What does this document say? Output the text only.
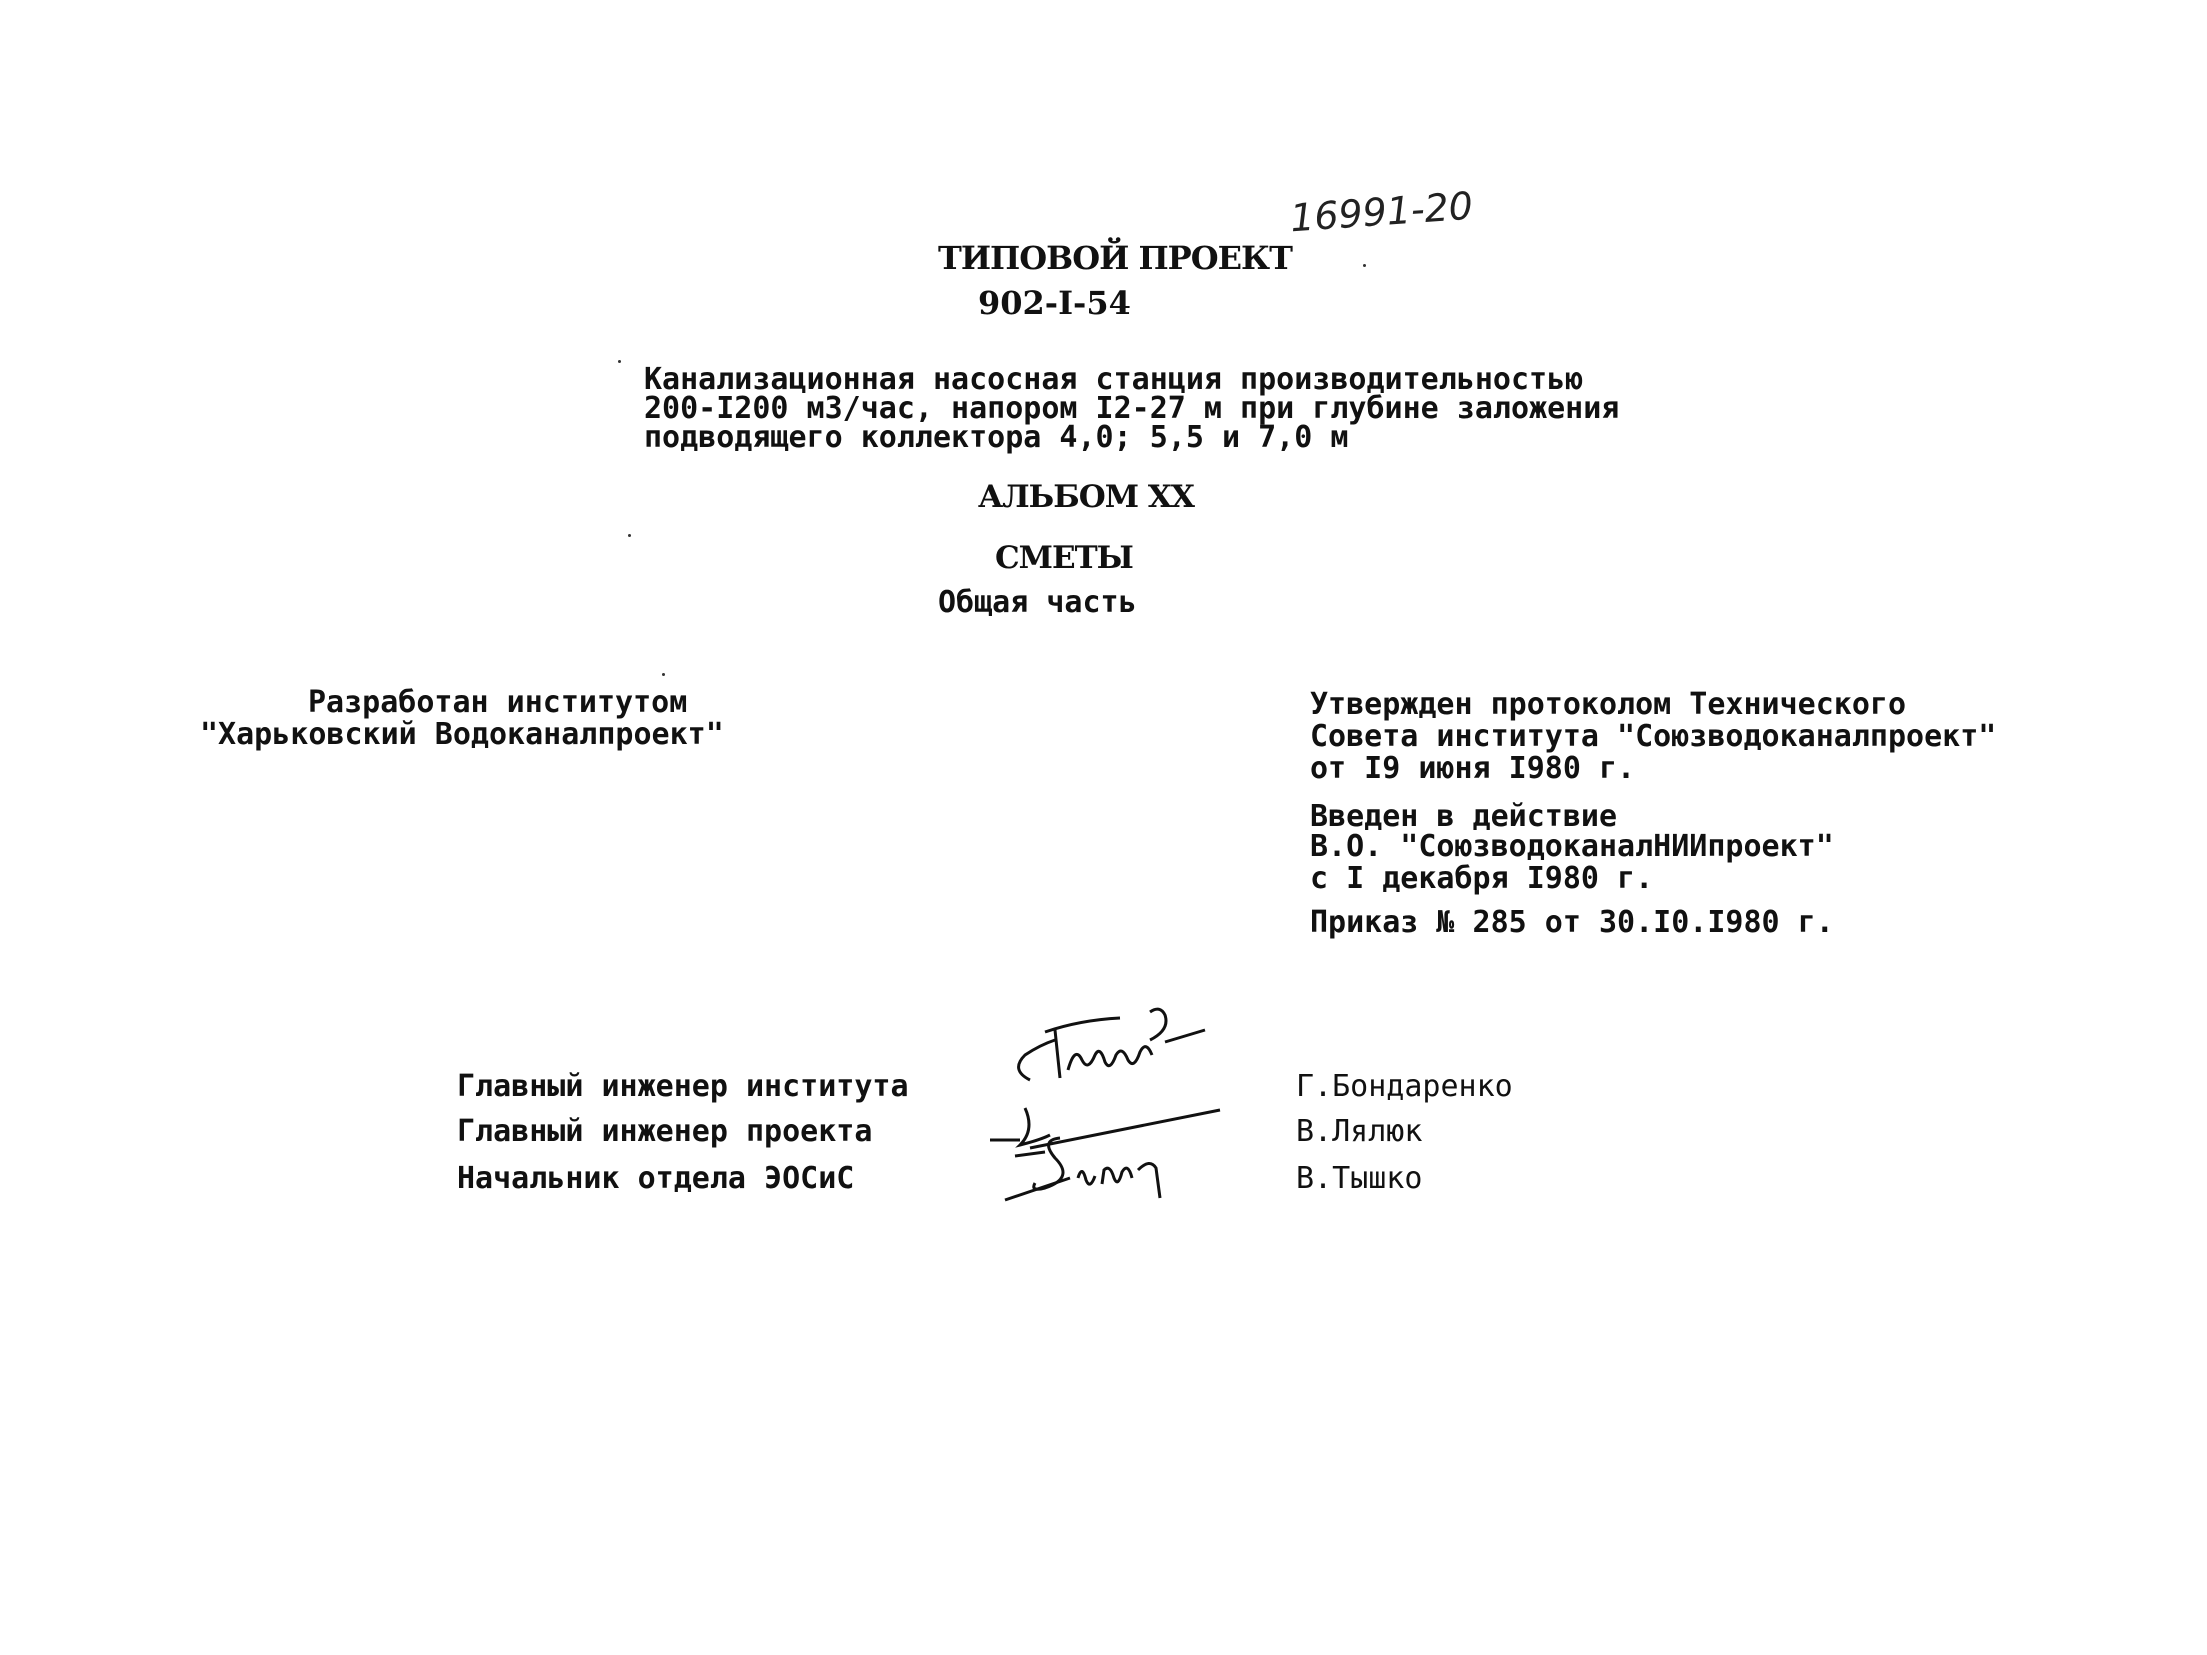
16991-20
ТИПОВОЙ ПРОЕКТ
902-I-54
Канализационная насосная станция производительностью
200-I200 м3/час, напором I2-27 м при глубине заложения
подводящего коллектора 4,0; 5,5 и 7,0 м
АЛЬБОМ XX
СМЕТЫ
Общая часть
Разработан институтом
"Харьковский Водоканалпроект"
Утвержден протоколом Технического
Совета института "Союзводоканалпроект"
от I9 июня I980 г.
Введен в действие
В.О. "СоюзводоканалНИИпроект"
с I декабря I980 г.
Приказ № 285 от 30.I0.I980 г.
Главный инженер института
Главный инженер проекта
Начальник отдела ЭОСиС
Г.Бондаренко
В.Лялюк
В.Тышко
